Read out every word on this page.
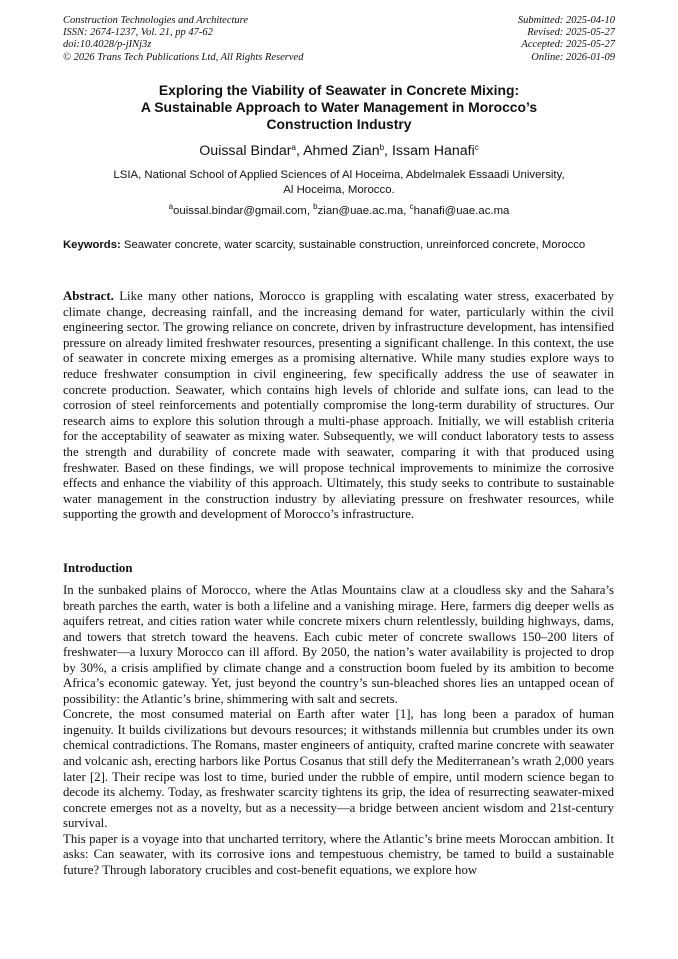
Construction Technologies and Architecture
ISSN: 2674-1237, Vol. 21, pp 47-62
doi:10.4028/p-jINj3z
© 2026 Trans Tech Publications Ltd, All Rights Reserved
Submitted: 2025-04-10
Revised: 2025-05-27
Accepted: 2025-05-27
Online: 2026-01-09
Exploring the Viability of Seawater in Concrete Mixing:
A Sustainable Approach to Water Management in Morocco’s
Construction Industry
Ouissal Bindar$^a$, Ahmed Zian$^b$, Issam Hanafi$^c$
LSIA, National School of Applied Sciences of Al Hoceima, Abdelmalek Essaadi University,
Al Hoceima, Morocco.
$^a$ouissal.bindar@gmail.com, $^b$zian@uae.ac.ma, $^c$hanafi@uae.ac.ma
Keywords: Seawater concrete, water scarcity, sustainable construction, unreinforced concrete, Morocco
Abstract. Like many other nations, Morocco is grappling with escalating water stress, exacerbated by climate change, decreasing rainfall, and the increasing demand for water, particularly within the civil engineering sector. The growing reliance on concrete, driven by infrastructure development, has intensified pressure on already limited freshwater resources, presenting a significant challenge. In this context, the use of seawater in concrete mixing emerges as a promising alternative. While many studies explore ways to reduce freshwater consumption in civil engineering, few specifically address the use of seawater in concrete production. Seawater, which contains high levels of chloride and sulfate ions, can lead to the corrosion of steel reinforcements and potentially compromise the long-term durability of structures. Our research aims to explore this solution through a multi-phase approach. Initially, we will establish criteria for the acceptability of seawater as mixing water. Subsequently, we will conduct laboratory tests to assess the strength and durability of concrete made with seawater, comparing it with that produced using freshwater. Based on these findings, we will propose technical improvements to minimize the corrosive effects and enhance the viability of this approach. Ultimately, this study seeks to contribute to sustainable water management in the construction industry by alleviating pressure on freshwater resources, while supporting the growth and development of Morocco’s infrastructure.
Introduction

In the sunbaked plains of Morocco, where the Atlas Mountains claw at a cloudless sky and the Sahara’s breath parches the earth, water is both a lifeline and a vanishing mirage. Here, farmers dig deeper wells as aquifers retreat, and cities ration water while concrete mixers churn relentlessly, building highways, dams, and towers that stretch toward the heavens. Each cubic meter of concrete swallows 150–200 liters of freshwater—a luxury Morocco can ill afford. By 2050, the nation’s water availability is projected to drop by 30%, a crisis amplified by climate change and a construction boom fueled by its ambition to become Africa’s economic gateway. Yet, just beyond the country’s sun-bleached shores lies an untapped ocean of possibility: the Atlantic’s brine, shimmering with salt and secrets.

Concrete, the most consumed material on Earth after water [1], has long been a paradox of human ingenuity. It builds civilizations but devours resources; it withstands millennia but crumbles under its own chemical contradictions. The Romans, master engineers of antiquity, crafted marine concrete with seawater and volcanic ash, erecting harbors like Portus Cosanus that still defy the Mediterranean’s wrath 2,000 years later [2]. Their recipe was lost to time, buried under the rubble of empire, until modern science began to decode its alchemy. Today, as freshwater scarcity tightens its grip, the idea of resurrecting seawater-mixed concrete emerges not as a novelty, but as a necessity—a bridge between ancient wisdom and 21st-century survival.

This paper is a voyage into that uncharted territory, where the Atlantic’s brine meets Moroccan ambition. It asks: Can seawater, with its corrosive ions and tempestuous chemistry, be tamed to build a sustainable future? Through laboratory crucibles and cost-benefit equations, we explore how
